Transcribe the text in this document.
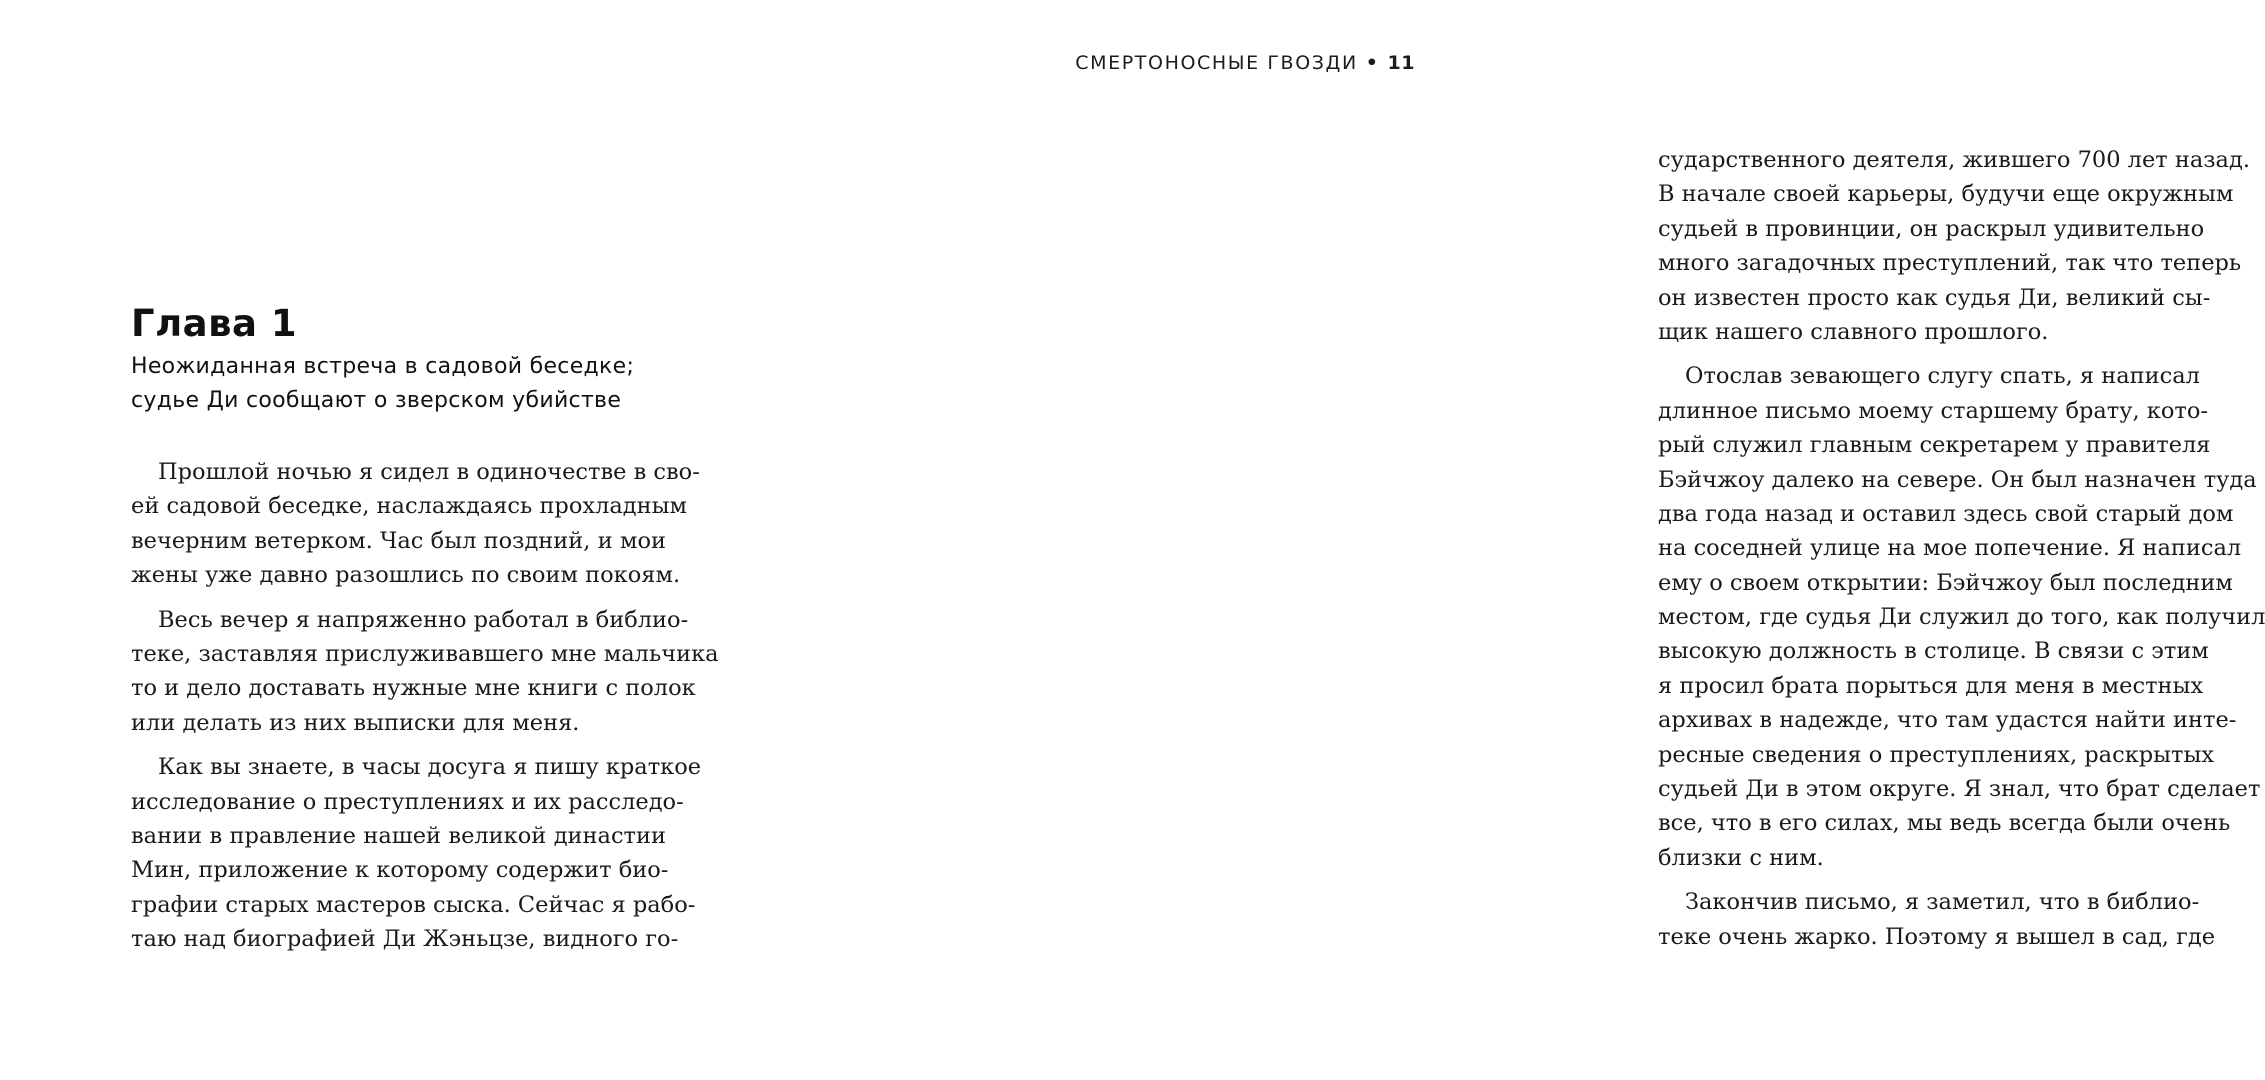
Глава 1
Неожиданная встреча в садовой беседке;
судье Ди сообщают о зверском убийстве
Прошлой ночью я сидел в одиночестве в сво-
ей садовой беседке, наслаждаясь прохладным
вечерним ветерком. Час был поздний, и мои
жены уже давно разошлись по своим покоям.
Весь вечер я напряженно работал в библио-
теке, заставляя прислуживавшего мне мальчика
то и дело доставать нужные мне книги с полок
или делать из них выписки для меня.
Как вы знаете, в часы досуга я пишу краткое
исследование о преступлениях и их расследо-
вании в правление нашей великой династии
Мин, приложение к которому содержит био-
графии старых мастеров сыска. Сейчас я рабо-
таю над биографией Ди Жэньцзе, видного го-
СМЕРТОНОСНЫЕ ГВОЗДИ • 11
сударственного деятеля, жившего 700 лет назад.
В начале своей карьеры, будучи еще окружным
судьей в провинции, он раскрыл удивительно
много загадочных преступлений, так что теперь
он известен просто как судья Ди, великий сы-
щик нашего славного прошлого.
Отослав зевающего слугу спать, я написал
длинное письмо моему старшему брату, кото-
рый служил главным секретарем у правителя
Бэйчжоу далеко на севере. Он был назначен туда
два года назад и оставил здесь свой старый дом
на соседней улице на мое попечение. Я написал
ему о своем открытии: Бэйчжоу был последним
местом, где судья Ди служил до того, как получил
высокую должность в столице. В связи с этим
я просил брата порыться для меня в местных
архивах в надежде, что там удастся найти инте-
ресные сведения о преступлениях, раскрытых
судьей Ди в этом округе. Я знал, что брат сделает
все, что в его силах, мы ведь всегда были очень
близки с ним.
Закончив письмо, я заметил, что в библио-
теке очень жарко. Поэтому я вышел в сад, где
